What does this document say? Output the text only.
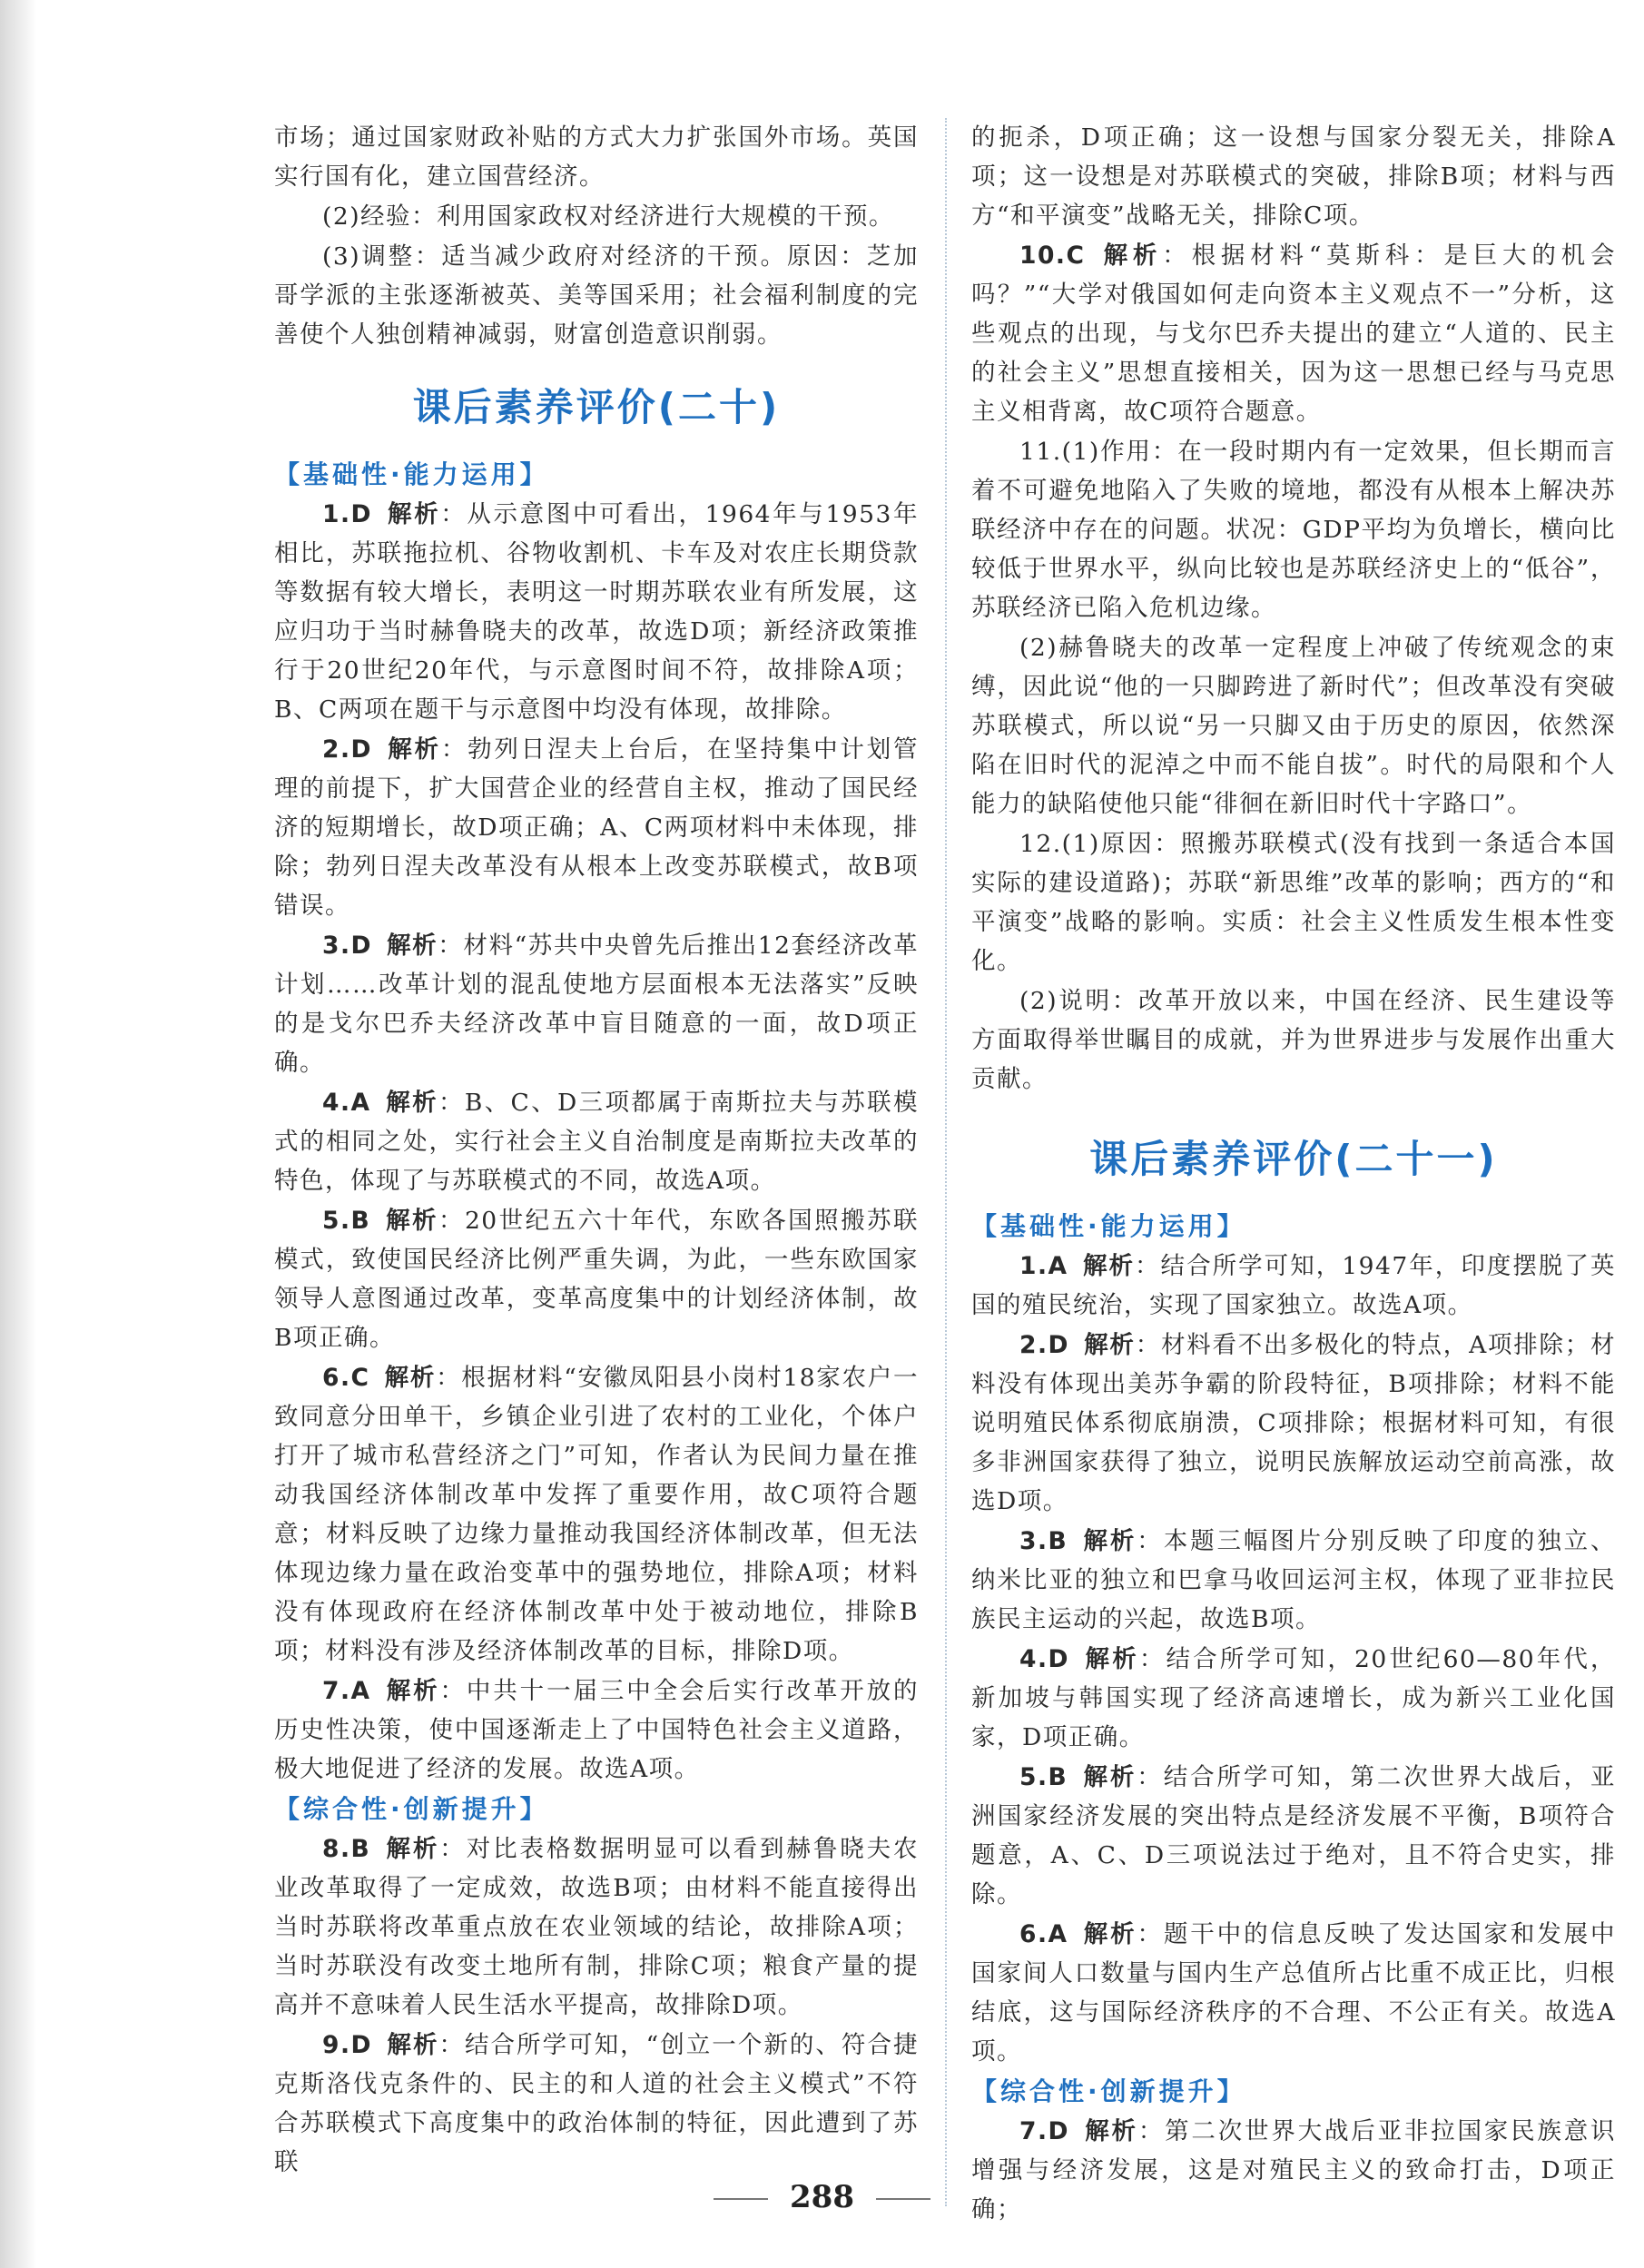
市场；通过国家财政补贴的方式大力扩张国外市场。英国实行国有化，建立国营经济。

(2)经验：利用国家政权对经济进行大规模的干预。

(3)调整：适当减少政府对经济的干预。原因：芝加哥学派的主张逐渐被英、美等国采用；社会福利制度的完善使个人独创精神减弱，财富创造意识削弱。

课后素养评价(二十)

【基础性·能力运用】

1.D 解析：从示意图中可看出，1964年与1953年相比，苏联拖拉机、谷物收割机、卡车及对农庄长期贷款等数据有较大增长，表明这一时期苏联农业有所发展，这应归功于当时赫鲁晓夫的改革，故选D项；新经济政策推行于20世纪20年代，与示意图时间不符，故排除A项；B、C两项在题干与示意图中均没有体现，故排除。

2.D 解析：勃列日涅夫上台后，在坚持集中计划管理的前提下，扩大国营企业的经营自主权，推动了国民经济的短期增长，故D项正确；A、C两项材料中未体现，排除；勃列日涅夫改革没有从根本上改变苏联模式，故B项错误。

3.D 解析：材料“苏共中央曾先后推出12套经济改革计划……改革计划的混乱使地方层面根本无法落实”反映的是戈尔巴乔夫经济改革中盲目随意的一面，故D项正确。

4.A 解析：B、C、D三项都属于南斯拉夫与苏联模式的相同之处，实行社会主义自治制度是南斯拉夫改革的特色，体现了与苏联模式的不同，故选A项。

5.B 解析：20世纪五六十年代，东欧各国照搬苏联模式，致使国民经济比例严重失调，为此，一些东欧国家领导人意图通过改革，变革高度集中的计划经济体制，故B项正确。

6.C 解析：根据材料“安徽凤阳县小岗村18家农户一致同意分田单干，乡镇企业引进了农村的工业化，个体户打开了城市私营经济之门”可知，作者认为民间力量在推动我国经济体制改革中发挥了重要作用，故C项符合题意；材料反映了边缘力量推动我国经济体制改革，但无法体现边缘力量在政治变革中的强势地位，排除A项；材料没有体现政府在经济体制改革中处于被动地位，排除B项；材料没有涉及经济体制改革的目标，排除D项。

7.A 解析：中共十一届三中全会后实行改革开放的历史性决策，使中国逐渐走上了中国特色社会主义道路，极大地促进了经济的发展。故选A项。

【综合性·创新提升】

8.B 解析：对比表格数据明显可以看到赫鲁晓夫农业改革取得了一定成效，故选B项；由材料不能直接得出当时苏联将改革重点放在农业领域的结论，故排除A项；当时苏联没有改变土地所有制，排除C项；粮食产量的提高并不意味着人民生活水平提高，故排除D项。

9.D 解析：结合所学可知，“创立一个新的、符合捷克斯洛伐克条件的、民主的和人道的社会主义模式”不符合苏联模式下高度集中的政治体制的特征，因此遭到了苏联

的扼杀，D项正确；这一设想与国家分裂无关，排除A项；这一设想是对苏联模式的突破，排除B项；材料与西方“和平演变”战略无关，排除C项。

10.C 解析：根据材料“莫斯科：是巨大的机会吗？”“大学对俄国如何走向资本主义观点不一”分析，这些观点的出现，与戈尔巴乔夫提出的建立“人道的、民主的社会主义”思想直接相关，因为这一思想已经与马克思主义相背离，故C项符合题意。

11.(1)作用：在一段时期内有一定效果，但长期而言着不可避免地陷入了失败的境地，都没有从根本上解决苏联经济中存在的问题。状况：GDP平均为负增长，横向比较低于世界水平，纵向比较也是苏联经济史上的“低谷”，苏联经济已陷入危机边缘。

(2)赫鲁晓夫的改革一定程度上冲破了传统观念的束缚，因此说“他的一只脚跨进了新时代”；但改革没有突破苏联模式，所以说“另一只脚又由于历史的原因，依然深陷在旧时代的泥淖之中而不能自拔”。时代的局限和个人能力的缺陷使他只能“徘徊在新旧时代十字路口”。

12.(1)原因：照搬苏联模式(没有找到一条适合本国实际的建设道路)；苏联“新思维”改革的影响；西方的“和平演变”战略的影响。实质：社会主义性质发生根本性变化。

(2)说明：改革开放以来，中国在经济、民生建设等方面取得举世瞩目的成就，并为世界进步与发展作出重大贡献。

课后素养评价(二十一)

【基础性·能力运用】

1.A 解析：结合所学可知，1947年，印度摆脱了英国的殖民统治，实现了国家独立。故选A项。

2.D 解析：材料看不出多极化的特点，A项排除；材料没有体现出美苏争霸的阶段特征，B项排除；材料不能说明殖民体系彻底崩溃，C项排除；根据材料可知，有很多非洲国家获得了独立，说明民族解放运动空前高涨，故选D项。

3.B 解析：本题三幅图片分别反映了印度的独立、纳米比亚的独立和巴拿马收回运河主权，体现了亚非拉民族民主运动的兴起，故选B项。

4.D 解析：结合所学可知，20世纪60—80年代，新加坡与韩国实现了经济高速增长，成为新兴工业化国家，D项正确。

5.B 解析：结合所学可知，第二次世界大战后，亚洲国家经济发展的突出特点是经济发展不平衡，B项符合题意，A、C、D三项说法过于绝对，且不符合史实，排除。

6.A 解析：题干中的信息反映了发达国家和发展中国家间人口数量与国内生产总值所占比重不成正比，归根结底，这与国际经济秩序的不合理、不公正有关。故选A项。

【综合性·创新提升】

7.D 解析：第二次世界大战后亚非拉国家民族意识增强与经济发展，这是对殖民主义的致命打击，D项正确；

288
